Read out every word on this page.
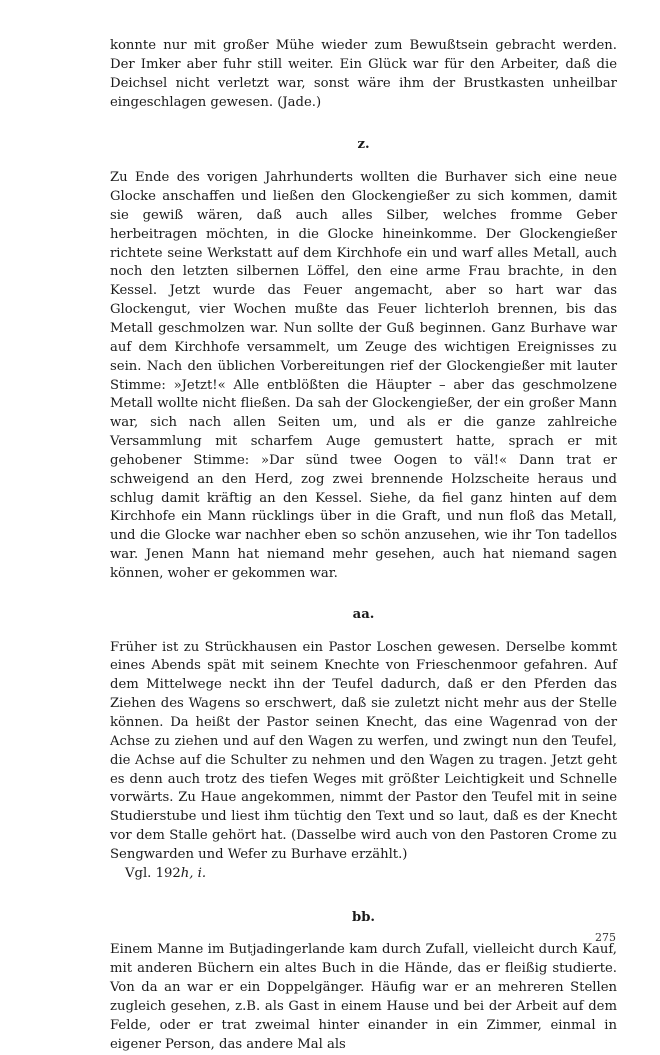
konnte nur mit großer Mühe wieder zum Bewußtsein gebracht werden. Der Imker aber fuhr still weiter. Ein Glück war für den Arbeiter, daß die Deichsel nicht verletzt war, sonst wäre ihm der Brustkasten unheilbar eingeschlagen gewesen. (Jade.)

z.

Zu Ende des vorigen Jahrhunderts wollten die Burhaver sich eine neue Glocke anschaffen und ließen den Glockengießer zu sich kommen, damit sie gewiß wären, daß auch alles Silber, welches fromme Geber herbeitragen möchten, in die Glocke hineinkomme. Der Glockengießer richtete seine Werkstatt auf dem Kirchhofe ein und warf alles Metall, auch noch den letzten silbernen Löffel, den eine arme Frau brachte, in den Kessel. Jetzt wurde das Feuer angemacht, aber so hart war das Glockengut, vier Wochen mußte das Feuer lichterloh brennen, bis das Metall geschmolzen war. Nun sollte der Guß beginnen. Ganz Burhave war auf dem Kirchhofe versammelt, um Zeuge des wichtigen Ereignisses zu sein. Nach den üblichen Vorbereitungen rief der Glockengießer mit lauter Stimme: »Jetzt!« Alle entblößten die Häupter – aber das geschmolzene Metall wollte nicht fließen. Da sah der Glockengießer, der ein großer Mann war, sich nach allen Seiten um, und als er die ganze zahlreiche Versammlung mit scharfem Auge gemustert hatte, sprach er mit gehobener Stimme: »Dar sünd twee Oogen to väl!« Dann trat er schweigend an den Herd, zog zwei brennende Holzscheite heraus und schlug damit kräftig an den Kessel. Siehe, da fiel ganz hinten auf dem Kirchhofe ein Mann rücklings über in die Graft, und nun floß das Metall, und die Glocke war nachher eben so schön anzusehen, wie ihr Ton tadellos war. Jenen Mann hat niemand mehr gesehen, auch hat niemand sagen können, woher er gekommen war.

aa.

Früher ist zu Strückhausen ein Pastor Loschen gewesen. Derselbe kommt eines Abends spät mit seinem Knechte von Frieschenmoor gefahren. Auf dem Mittelwege neckt ihn der Teufel dadurch, daß er den Pferden das Ziehen des Wagens so erschwert, daß sie zuletzt nicht mehr aus der Stelle können. Da heißt der Pastor seinen Knecht, das eine Wagenrad von der Achse zu ziehen und auf den Wagen zu werfen, und zwingt nun den Teufel, die Achse auf die Schulter zu nehmen und den Wagen zu tragen. Jetzt geht es denn auch trotz des tiefen Weges mit größter Leichtigkeit und Schnelle vorwärts. Zu Haue angekommen, nimmt der Pastor den Teufel mit in seine Studierstube und liest ihm tüchtig den Text und so laut, daß es der Knecht vor dem Stalle gehört hat. (Dasselbe wird auch von den Pastoren Crome zu Sengwarden und Wefer zu Burhave erzählt.)

Vgl. 192h, i.

bb.

Einem Manne im Butjadingerlande kam durch Zufall, vielleicht durch Kauf, mit anderen Büchern ein altes Buch in die Hände, das er fleißig studierte. Von da an war er ein Doppelgänger. Häufig war er an mehreren Stellen zugleich gesehen, z.B. als Gast in einem Hause und bei der Arbeit auf dem Felde, oder er trat zweimal hinter einander in ein Zimmer, einmal in eigener Person, das andere Mal als

275
